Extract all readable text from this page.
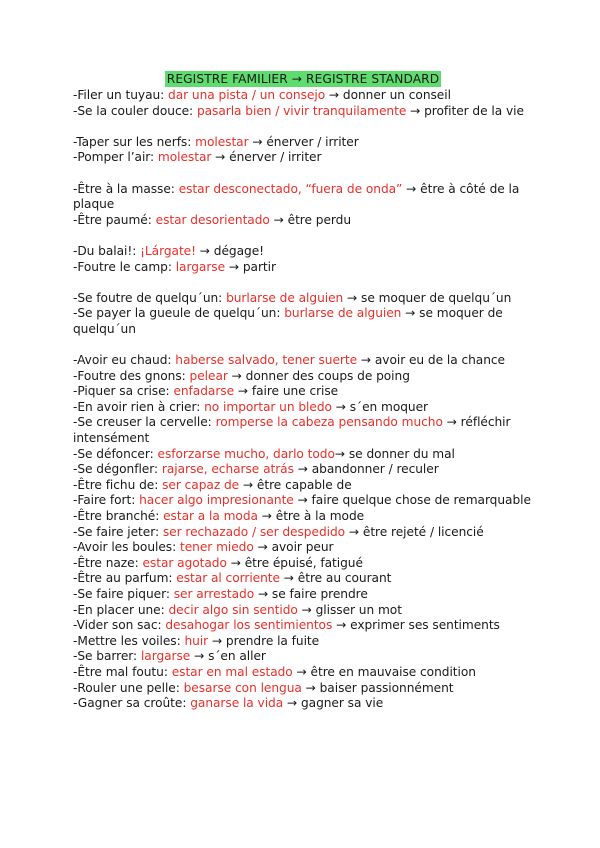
REGISTRE FAMILIER → REGISTRE STANDARD
-Filer un tuyau: dar una pista / un consejo → donner un conseil
-Se la couler douce: pasarla bien / vivir tranquilamente → profiter de la vie
-Taper sur les nerfs: molestar → énerver / irriter
-Pomper l’air: molestar → énerver / irriter
-Être à la masse: estar desconectado, “fuera de onda” → être à côté de la plaque
-Être paumé: estar desorientado → être perdu
-Du balai!: ¡Lárgate! → dégage!
-Foutre le camp: largarse → partir
-Se foutre de quelqu´un: burlarse de alguien → se moquer de quelqu´un
-Se payer la gueule de quelqu´un: burlarse de alguien → se moquer de quelqu´un
-Avoir eu chaud: haberse salvado, tener suerte → avoir eu de la chance
-Foutre des gnons: pelear → donner des coups de poing
-Piquer sa crise: enfadarse → faire une crise
-En avoir rien à crier: no importar un bledo → s´en moquer
-Se creuser la cervelle: romperse la cabeza pensando mucho → réfléchir intensément
-Se défoncer: esforzarse mucho, darlo todo→ se donner du mal
-Se dégonfler: rajarse, echarse atrás → abandonner / reculer
-Être fichu de: ser capaz de → être capable de
-Faire fort: hacer algo impresionante → faire quelque chose de remarquable
-Être branché: estar a la moda → être à la mode
-Se faire jeter: ser rechazado / ser despedido → être rejeté / licencié
-Avoir les boules: tener miedo → avoir peur
-Être naze: estar agotado → être épuisé, fatigué
-Être au parfum: estar al corriente → être au courant
-Se faire piquer: ser arrestado → se faire prendre
-En placer une: decir algo sin sentido → glisser un mot
-Vider son sac: desahogar los sentimientos → exprimer ses sentiments
-Mettre les voiles: huir → prendre la fuite
-Se barrer: largarse → s´en aller
-Être mal foutu: estar en mal estado → être en mauvaise condition
-Rouler une pelle: besarse con lengua → baiser passionnément
-Gagner sa croûte: ganarse la vida → gagner sa vie
